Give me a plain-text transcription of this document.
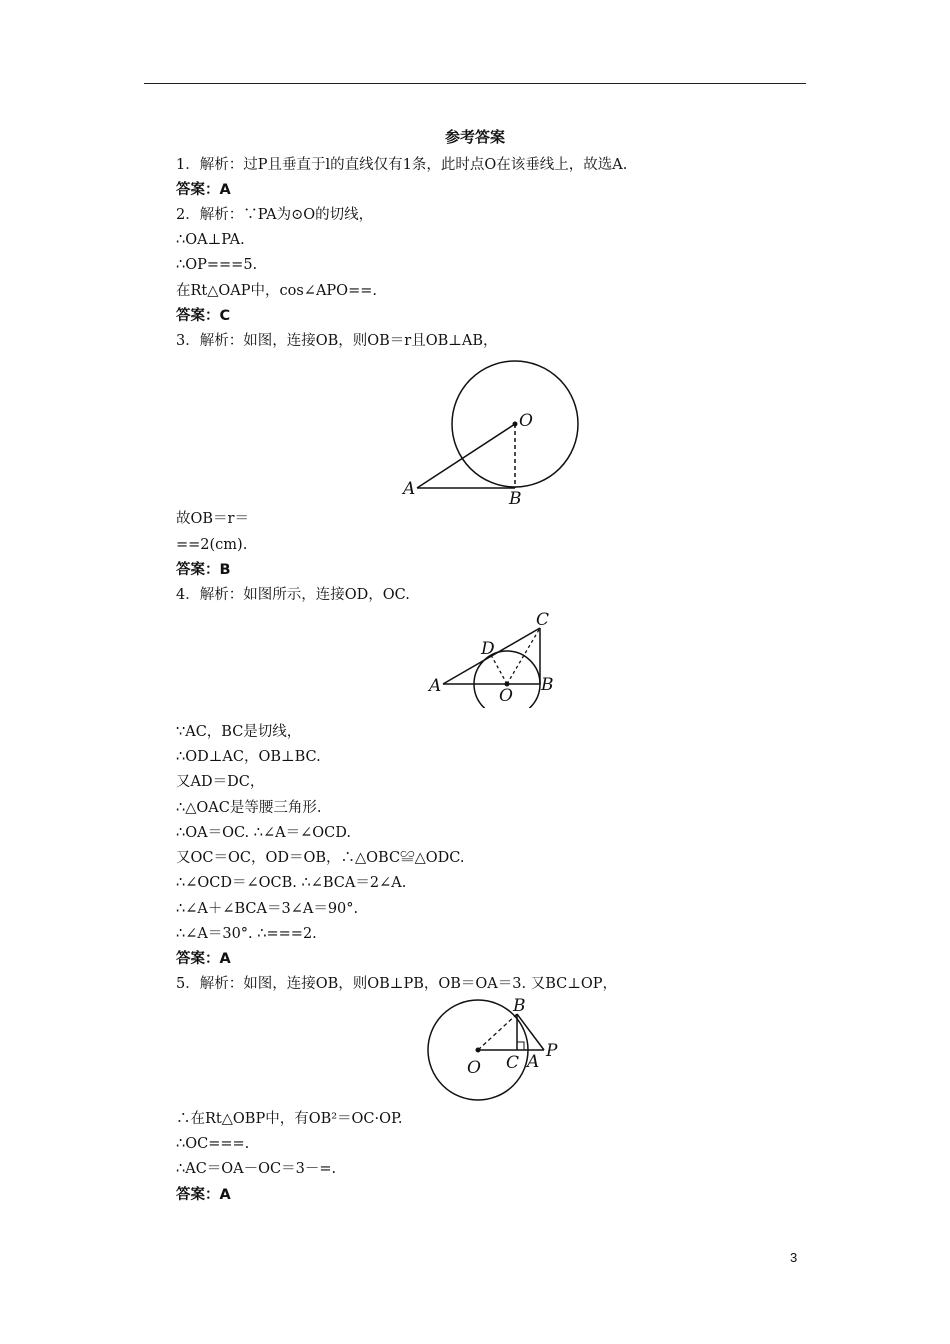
参考答案
1．解析：过P且垂直于l的直线仅有1条，此时点O在该垂线上，故选A.
答案：A
2．解析：∵PA为⊙O的切线，
∴OA⊥PA.
∴OP===5.
在Rt△OAP中，cos∠APO==.
答案：C
3．解析：如图，连接OB，则OB＝r且OB⊥AB，
O
A	B
故OB＝r＝
==2(cm).
答案：B
4．解析：如图所示，连接OD，OC.
C
D
A	O
B
∵AC，BC是切线，
∴OD⊥AC，OB⊥BC.
又AD＝DC，
∴△OAC是等腰三角形.
∴OA＝OC. ∴∠A＝∠OCD.
又OC＝OC，OD＝OB，∴△OBC≌△ODC.
∴∠OCD＝∠OCB. ∴∠BCA＝2∠A.
∴∠A＋∠BCA＝3∠A＝90°.
∴∠A＝30°. ∴===2.
答案：A
5．解析：如图，连接OB，则OB⊥PB，OB＝OA＝3. 又BC⊥OP，
B
P
O C A
∴在Rt△OBP中，有OB²＝OC·OP.
∴OC===.
∴AC＝OA－OC＝3－=.
答案：A
3
